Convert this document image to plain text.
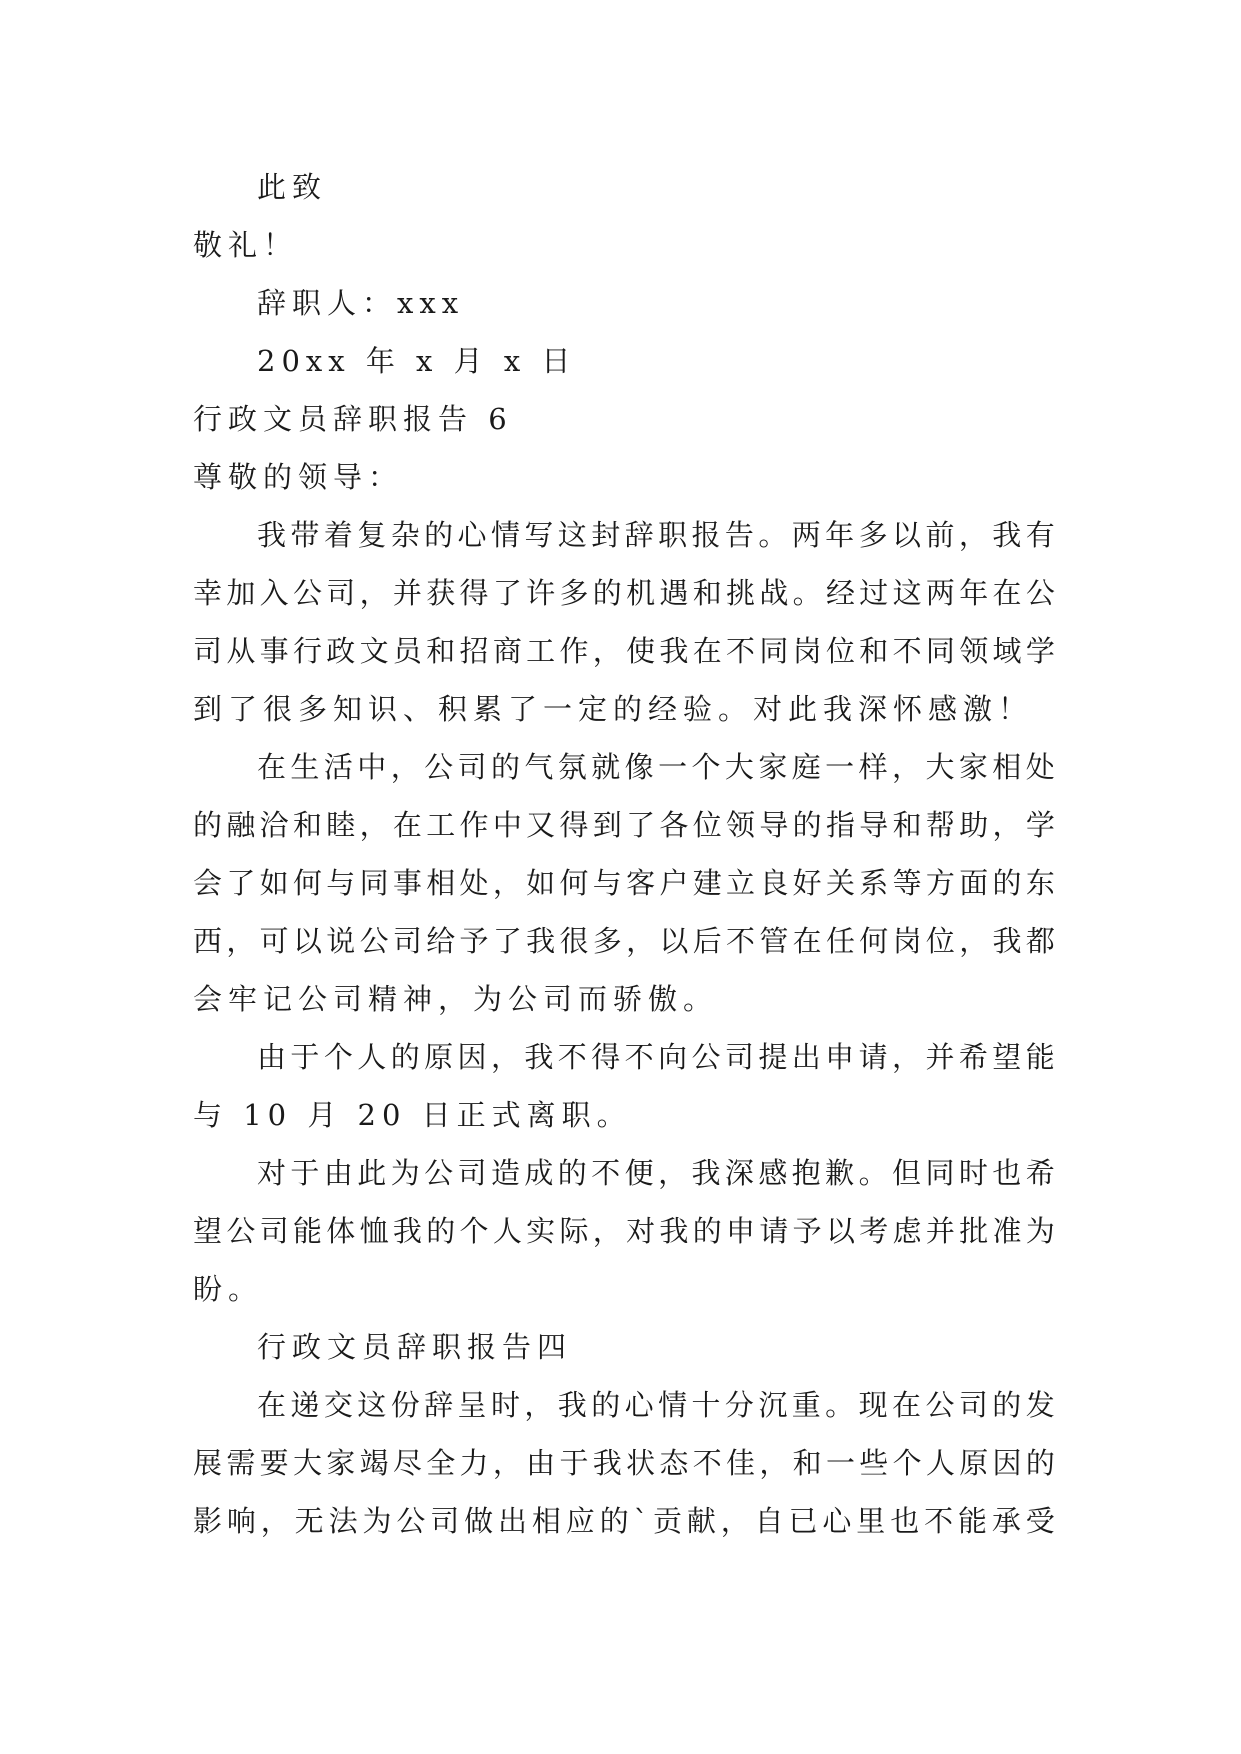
此致
敬礼！
辞职人：xxx
20xx 年 x 月 x 日
行政文员辞职报告 6
尊敬的领导：
我 带 着 复 杂 的 心 情 写 这 封 辞 职 报 告 。 两 年 多 以 前 ， 我 有
幸 加 入 公 司 ， 并 获 得 了 许 多 的 机 遇 和 挑 战 。 经 过 这 两 年 在 公
司 从 事 行 政 文 员 和 招 商 工 作 ， 使 我 在 不 同 岗 位 和 不 同 领 域 学
到了很多知识、积累了一定的经验。对此我深怀感激！
在 生 活 中 ， 公 司 的 气 氛 就 像 一 个 大 家 庭 一 样 ， 大 家 相 处
的 融 洽 和 睦 ， 在 工 作 中 又 得 到 了 各 位 领 导 的 指 导 和 帮 助 ， 学
会 了 如 何 与 同 事 相 处 ， 如 何 与 客 户 建 立 良 好 关 系 等 方 面 的 东
西 ， 可 以 说 公 司 给 予 了 我 很 多 ， 以 后 不 管 在 任 何 岗 位 ， 我 都
会牢记公司精神，为公司而骄傲。
由 于 个 人 的 原 因 ， 我 不 得 不 向 公 司 提 出 申 请 ， 并 希 望 能
与 10 月 20 日正式离职。
对 于 由 此 为 公 司 造 成 的 不 便 ， 我 深 感 抱 歉 。 但 同 时 也 希
望 公 司 能 体 恤 我 的 个 人 实 际 ， 对 我 的 申 请 予 以 考 虑 并 批 准 为
盼。
行政文员辞职报告四
在 递 交 这 份 辞 呈 时 ， 我 的 心 情 十 分 沉 重 。 现 在 公 司 的 发
展 需 要 大 家 竭 尽 全 力 ， 由 于 我 状 态 不 佳 ， 和 一 些 个 人 原 因 的
影 响 ， 无 法 为 公 司 做 出 相 应 的 ` 贡 献 ， 自 已 心 里 也 不 能 承 受
